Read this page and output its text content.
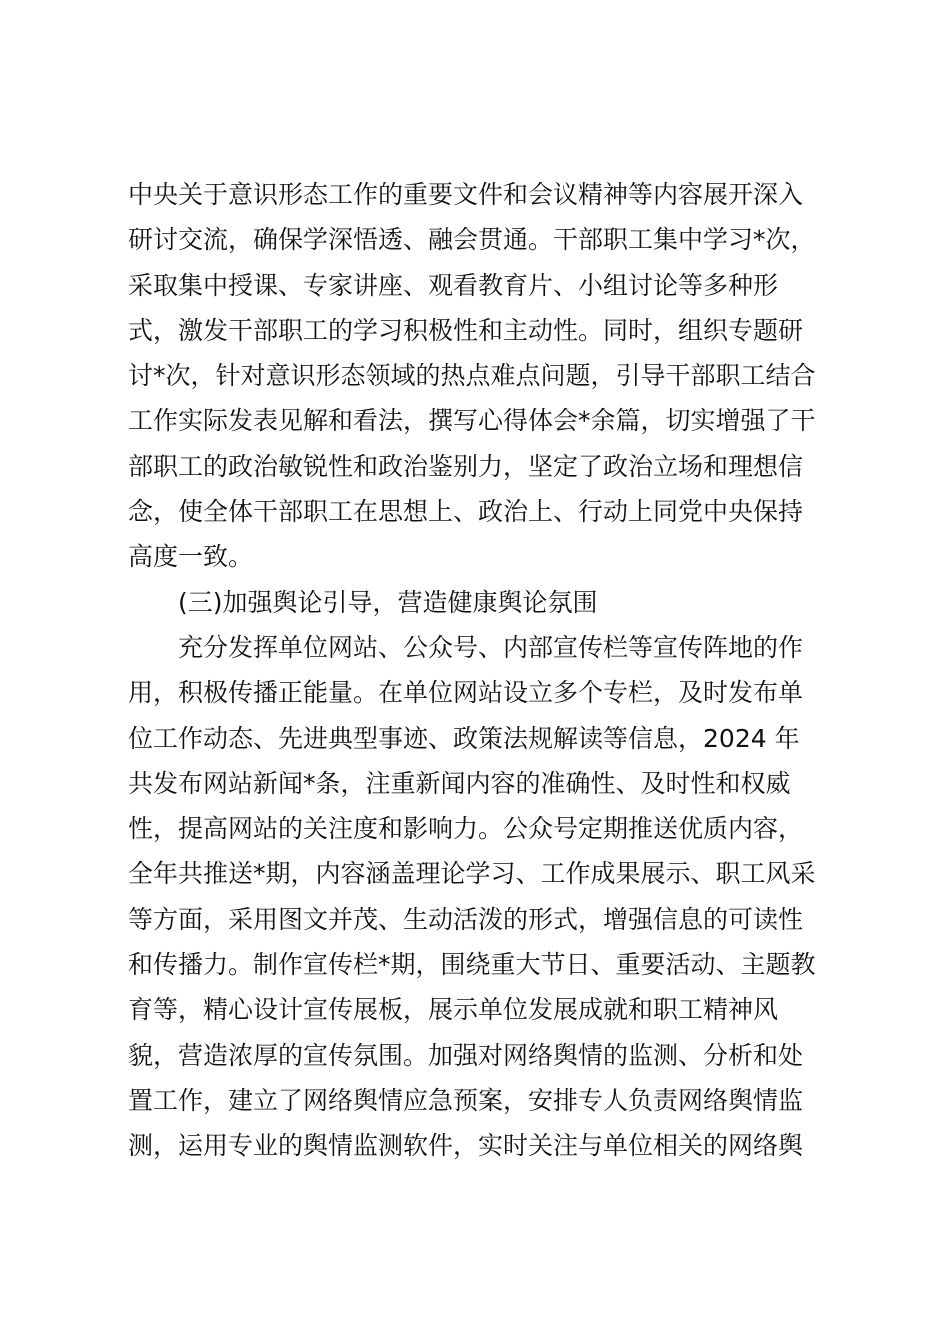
中央关于意识形态工作的重要文件和会议精神等内容展开深入
研讨交流，确保学深悟透、融会贯通。干部职工集中学习*次，
采取集中授课、专家讲座、观看教育片、小组讨论等多种形
式，激发干部职工的学习积极性和主动性。同时，组织专题研
讨*次，针对意识形态领域的热点难点问题，引导干部职工结合
工作实际发表见解和看法，撰写心得体会*余篇，切实增强了干
部职工的政治敏锐性和政治鉴别力，坚定了政治立场和理想信
念，使全体干部职工在思想上、政治上、行动上同党中央保持
高度一致。
(三)加强舆论引导，营造健康舆论氛围
充分发挥单位网站、公众号、内部宣传栏等宣传阵地的作
用，积极传播正能量。在单位网站设立多个专栏，及时发布单
位工作动态、先进典型事迹、政策法规解读等信息，2024 年
共发布网站新闻*条，注重新闻内容的准确性、及时性和权威
性，提高网站的关注度和影响力。公众号定期推送优质内容，
全年共推送*期，内容涵盖理论学习、工作成果展示、职工风采
等方面，采用图文并茂、生动活泼的形式，增强信息的可读性
和传播力。制作宣传栏*期，围绕重大节日、重要活动、主题教
育等，精心设计宣传展板，展示单位发展成就和职工精神风
貌，营造浓厚的宣传氛围。加强对网络舆情的监测、分析和处
置工作，建立了网络舆情应急预案，安排专人负责网络舆情监
测，运用专业的舆情监测软件，实时关注与单位相关的网络舆
